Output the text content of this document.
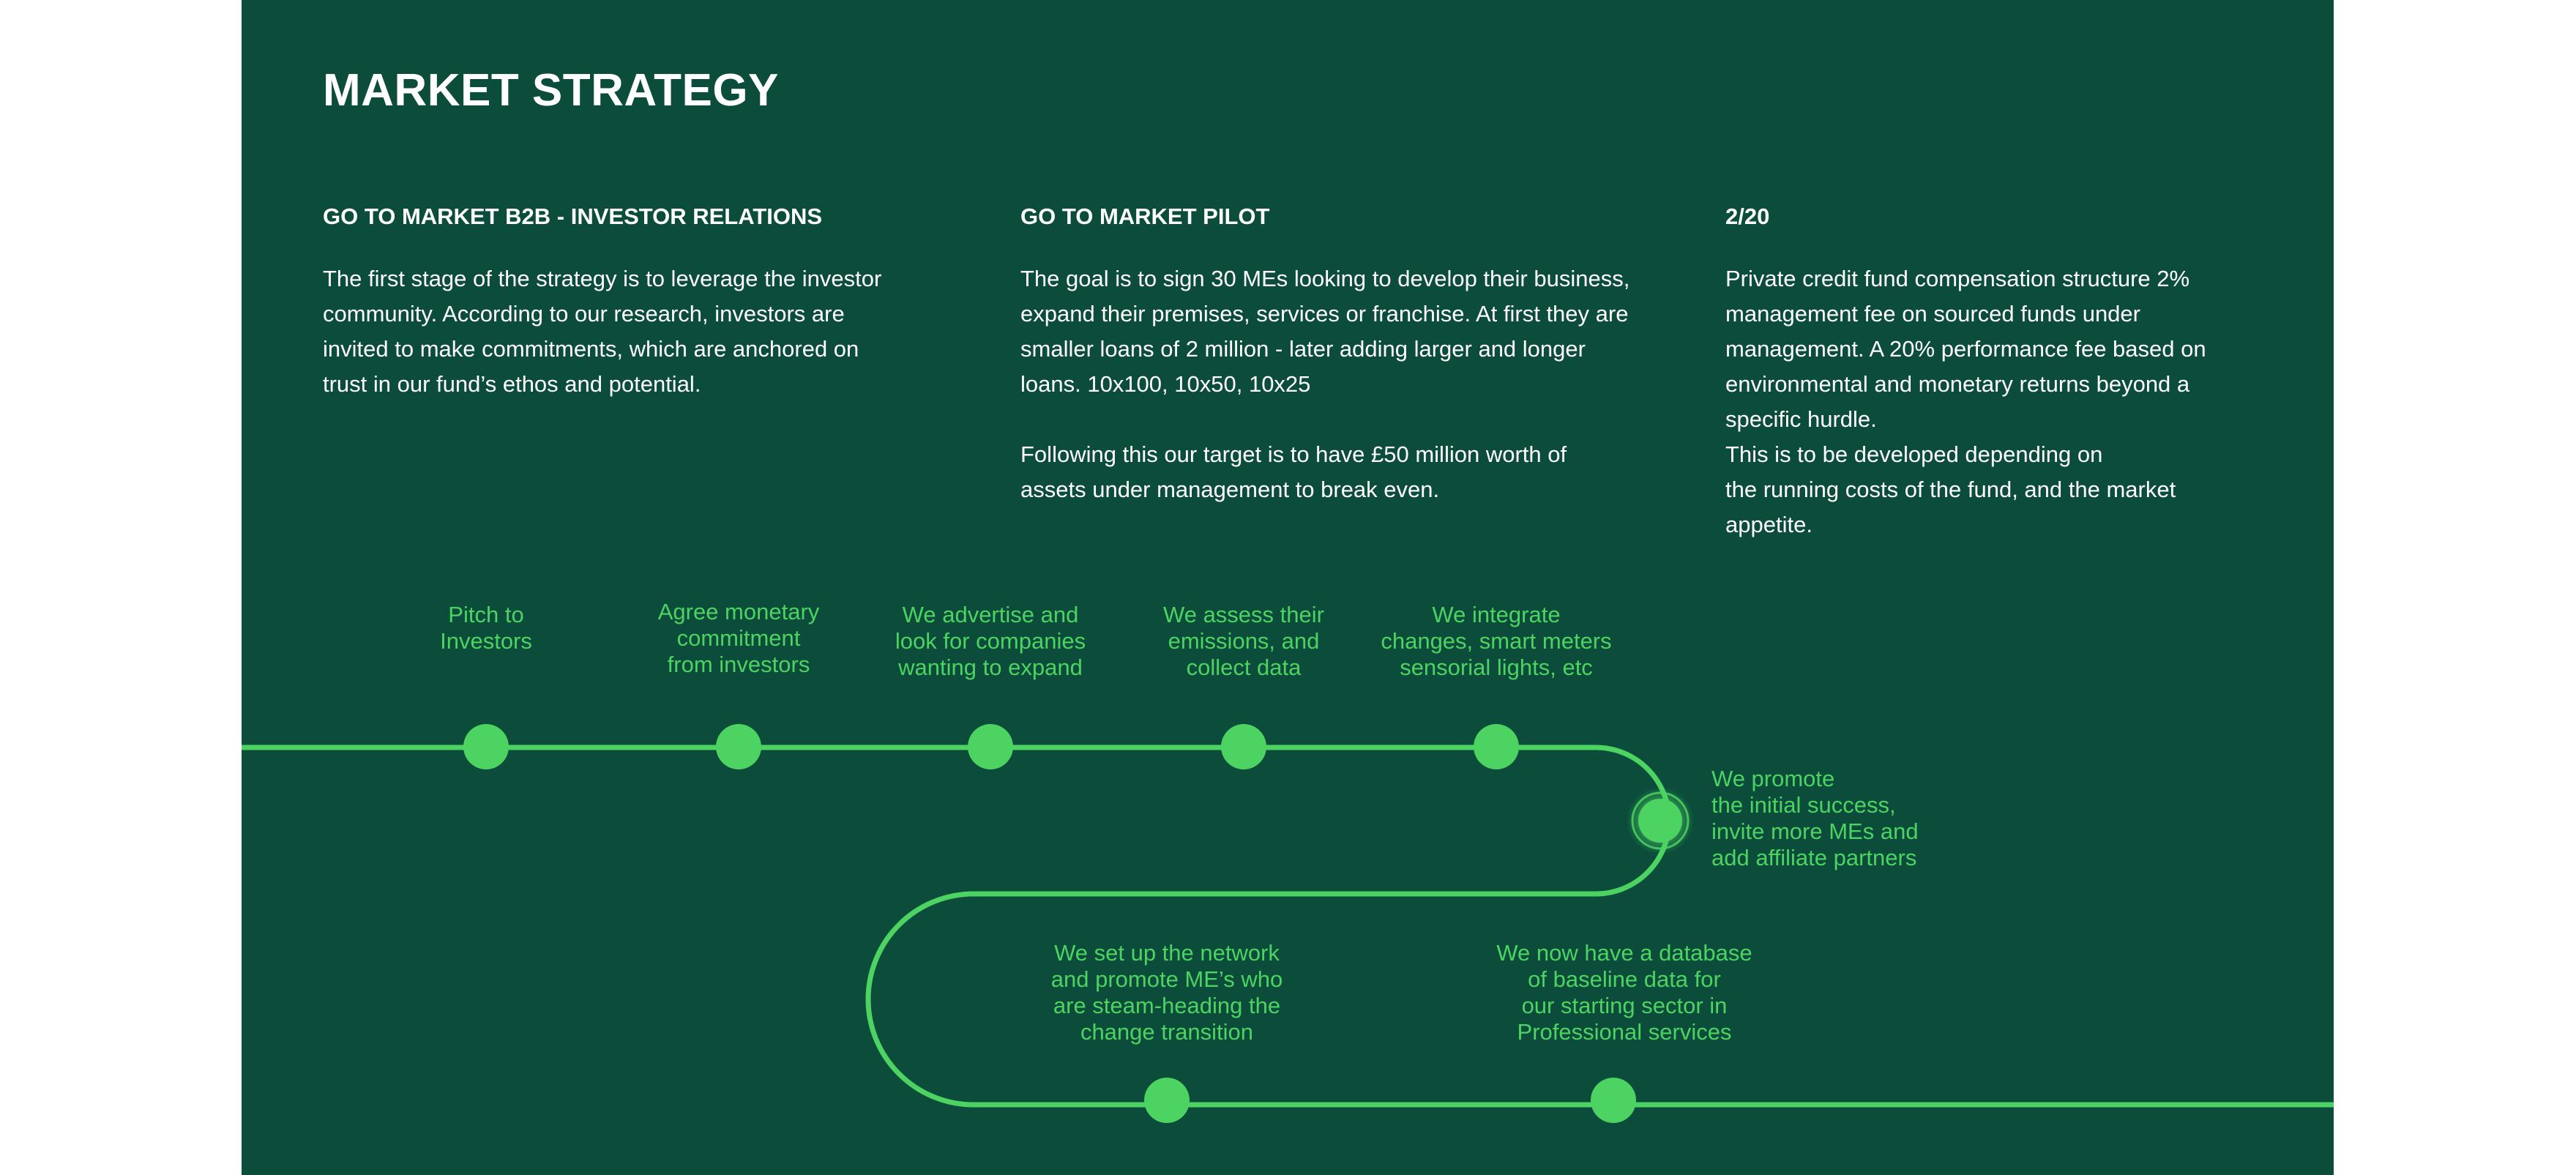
MARKET STRATEGY
GO TO MARKET B2B - INVESTOR RELATIONS

The first stage of the strategy is to leverage the investor
community. According to our research, investors are
invited to make commitments, which are anchored on
trust in our fund’s ethos and potential.

GO TO MARKET PILOT

The goal is to sign 30 MEs looking to develop their business,
expand their premises, services or franchise. At first they are
smaller loans of 2 million - later adding larger and longer
loans. 10x100, 10x50, 10x25

Following this our target is to have £50 million worth of
assets under management to break even.

2/20

Private credit fund compensation structure 2%
management fee on sourced funds under
management. A 20% performance fee based on
environmental and monetary returns beyond a
specific hurdle.
This is to be developed depending on
the running costs of the fund, and the market
appetite.

Pitch to
Investors
Agree monetary
commitment
from investors
We advertise and
look for companies
wanting to expand
We assess their
emissions, and
collect data
We integrate
changes, smart meters
sensorial lights, etc
We promote
the initial success,
invite more MEs and
add affiliate partners
We now have a database
of baseline data for
our starting sector in
Professional services
We set up the network
and promote ME’s who
are steam-heading the
change transition
